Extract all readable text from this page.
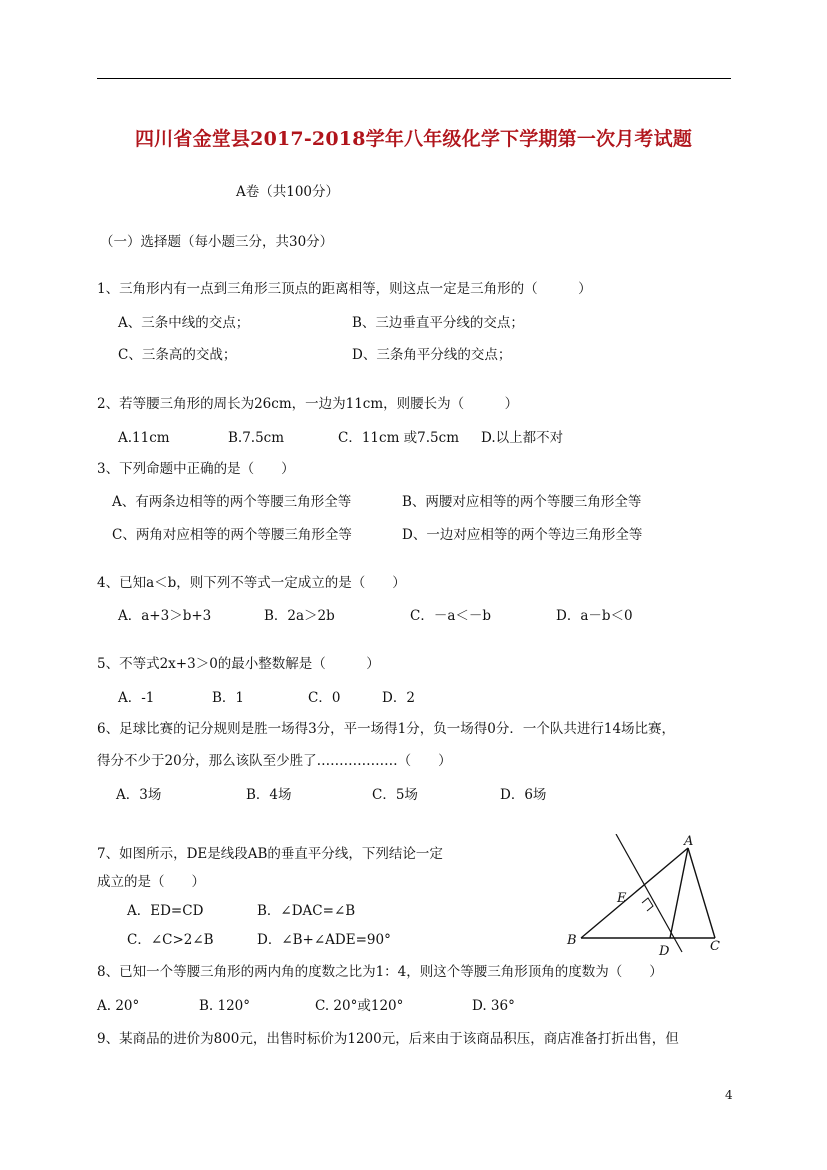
四川省金堂县2017-2018学年八年级化学下学期第一次月考试题
A卷（共100分）
（一）选择题（每小题三分，共30分）
1、三角形内有一点到三角形三顶点的距离相等，则这点一定是三角形的（　　　）
A、三条中线的交点；	B、三边垂直平分线的交点；
C、三条高的交战；	D、三条角平分线的交点；
2、若等腰三角形的周长为26cm，一边为11cm，则腰长为（　　　）
A.11cm	B.7.5cm	C．11cm 或7.5cm D.以上都不对
3、下列命题中正确的是（　　）
A、有两条边相等的两个等腰三角形全等	B、两腰对应相等的两个等腰三角形全等
C、两角对应相等的两个等腰三角形全等	D、一边对应相等的两个等边三角形全等
4、已知a＜b，则下列不等式一定成立的是（　　）
A．a+3＞b+3	B．2a＞2b	C．－a＜－b	D．a－b＜0
5、不等式2x+3＞0的最小整数解是（　　　）
A．-1	B．1	C．0	D．2
6、足球比赛的记分规则是胜一场得3分，平一场得1分，负一场得0分．一个队共进行14场比赛，
得分不少于20分，那么该队至少胜了………………（　　）
A．3场	B．4场	C．5场	D．6场
7、如图所示，DE是线段AB的垂直平分线，下列结论一定
成立的是（　　）
A．ED=CD	B．∠DAC=∠B
C．∠C>2∠B	D．∠B+∠ADE=90°
A
B	C
D
E
8、已知一个等腰三角形的两内角的度数之比为1：4，则这个等腰三角形顶角的度数为（　　）
A. 20°	B. 120°	C. 20°或120°	D. 36°
9、某商品的进价为800元，出售时标价为1200元，后来由于该商品积压，商店准备打折出售，但
4
